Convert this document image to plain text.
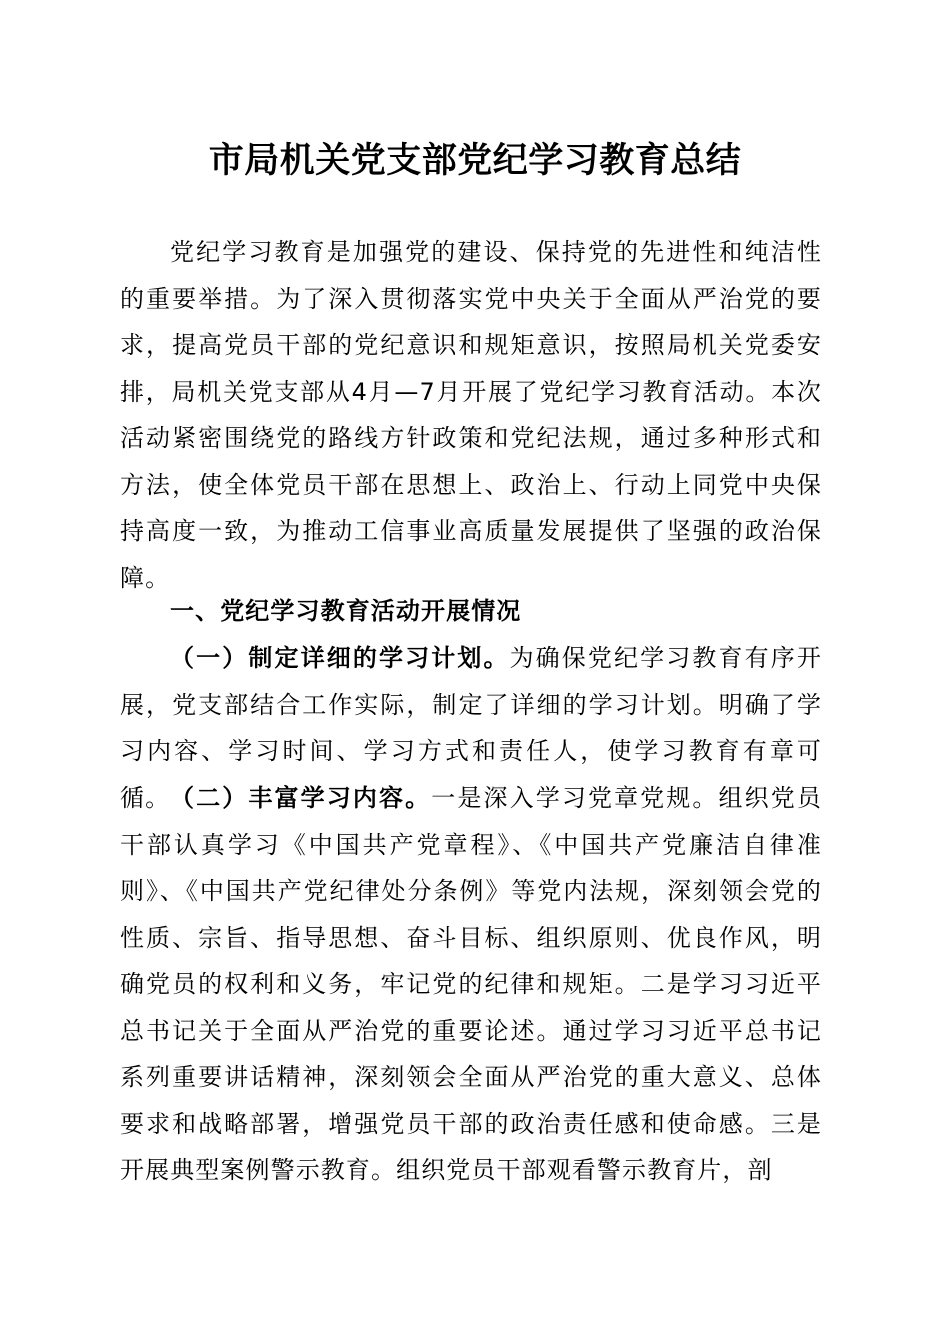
市局机关党支部党纪学习教育总结

党纪学习教育是加强党的建设、保持党的先进性和纯洁性的重要举措。为了深入贯彻落实党中央关于全面从严治党的要求，提高党员干部的党纪意识和规矩意识，按照局机关党委安排，局机关党支部从4月—7月开展了党纪学习教育活动。本次活动紧密围绕党的路线方针政策和党纪法规，通过多种形式和方法，使全体党员干部在思想上、政治上、行动上同党中央保持高度一致，为推动工信事业高质量发展提供了坚强的政治保障。

一、党纪学习教育活动开展情况

（一）制定详细的学习计划。为确保党纪学习教育有序开展，党支部结合工作实际，制定了详细的学习计划。明确了学习内容、学习时间、学习方式和责任人，使学习教育有章可循。 （二）丰富学习内容。一是深入学习党章党规。组织党员干部认真学习《中国共产党章程》、《中国共产党廉洁自律准则》、《中国共产党纪律处分条例》等党内法规，深刻领会党的性质、宗旨、指导思想、奋斗目标、组织原则、优良作风，明确党员的权利和义务，牢记党的纪律和规矩。二是学习习近平总书记关于全面从严治党的重要论述。通过学习习近平总书记系列重要讲话精神，深刻领会全面从严治党的重大意义、总体要求和战略部署，增强党员干部的政治责任感和使命感。三是开展典型案例警示教育。组织党员干部观看警示教育片，剖
